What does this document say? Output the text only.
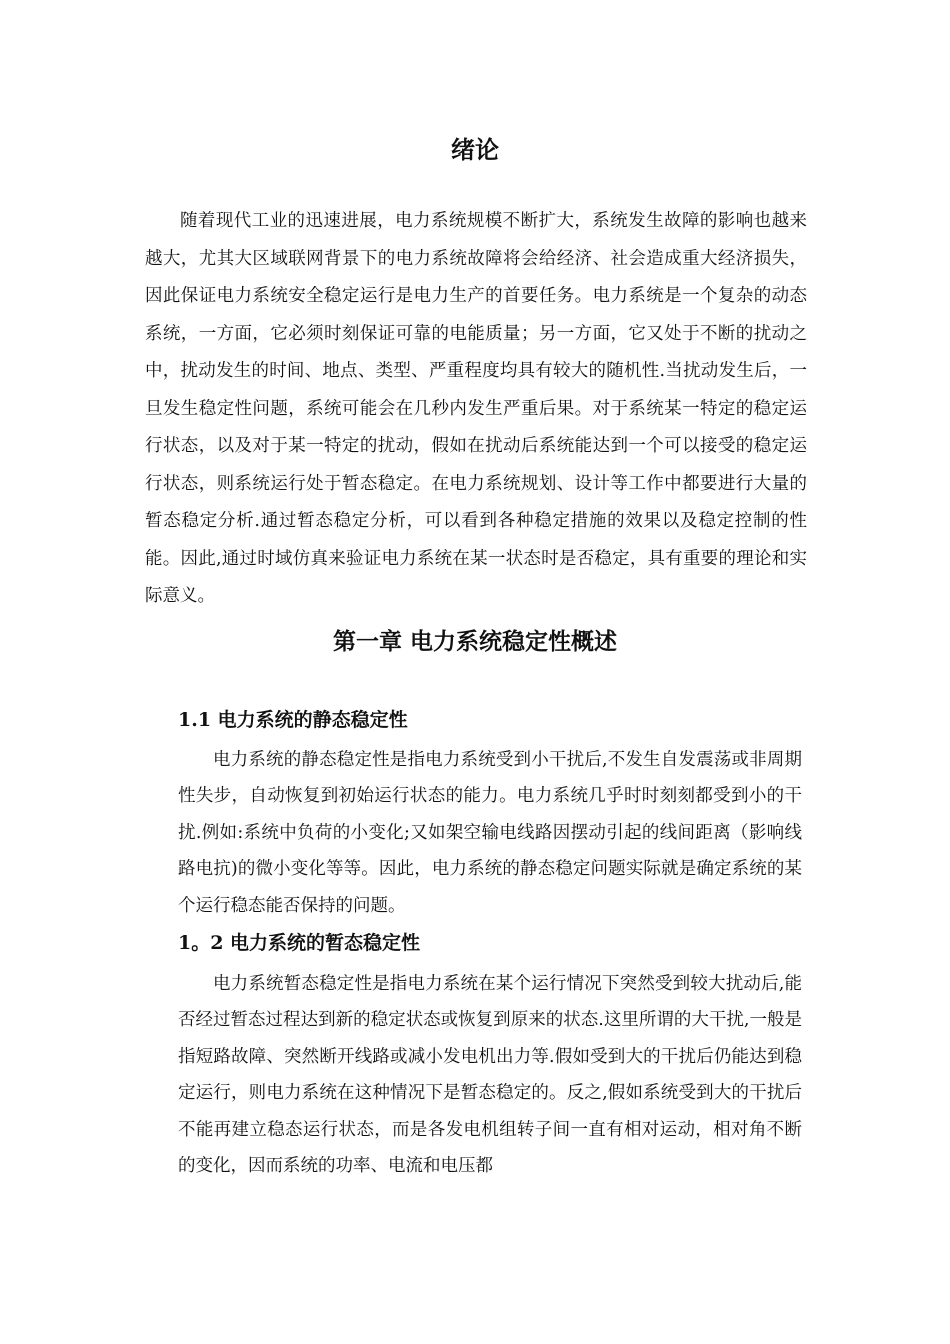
绪论

随着现代工业的迅速进展，电力系统规模不断扩大，系统发生故障的影响也越来越大，尤其大区域联网背景下的电力系统故障将会给经济、社会造成重大经济损失，因此保证电力系统安全稳定运行是电力生产的首要任务。电力系统是一个复杂的动态系统，一方面，它必须时刻保证可靠的电能质量；另一方面，它又处于不断的扰动之中，扰动发生的时间、地点、类型、严重程度均具有较大的随机性.当扰动发生后，一旦发生稳定性问题，系统可能会在几秒内发生严重后果。对于系统某一特定的稳定运行状态，以及对于某一特定的扰动，假如在扰动后系统能达到一个可以接受的稳定运行状态，则系统运行处于暂态稳定。在电力系统规划、设计等工作中都要进行大量的暂态稳定分析.通过暂态稳定分析，可以看到各种稳定措施的效果以及稳定控制的性能。因此,通过时域仿真来验证电力系统在某一状态时是否稳定，具有重要的理论和实际意义。

第一章 电力系统稳定性概述
1.1 电力系统的静态稳定性

电力系统的静态稳定性是指电力系统受到小干扰后,不发生自发震荡或非周期性失步，自动恢复到初始运行状态的能力。电力系统几乎时时刻刻都受到小的干扰.例如:系统中负荷的小变化;又如架空输电线路因摆动引起的线间距离（影响线路电抗)的微小变化等等。因此，电力系统的静态稳定问题实际就是确定系统的某个运行稳态能否保持的问题。

1。2 电力系统的暂态稳定性

电力系统暂态稳定性是指电力系统在某个运行情况下突然受到较大扰动后,能否经过暂态过程达到新的稳定状态或恢复到原来的状态.这里所谓的大干扰,一般是指短路故障、突然断开线路或减小发电机出力等.假如受到大的干扰后仍能达到稳定运行，则电力系统在这种情况下是暂态稳定的。反之,假如系统受到大的干扰后不能再建立稳态运行状态，而是各发电机组转子间一直有相对运动，相对角不断的变化，因而系统的功率、电流和电压都
